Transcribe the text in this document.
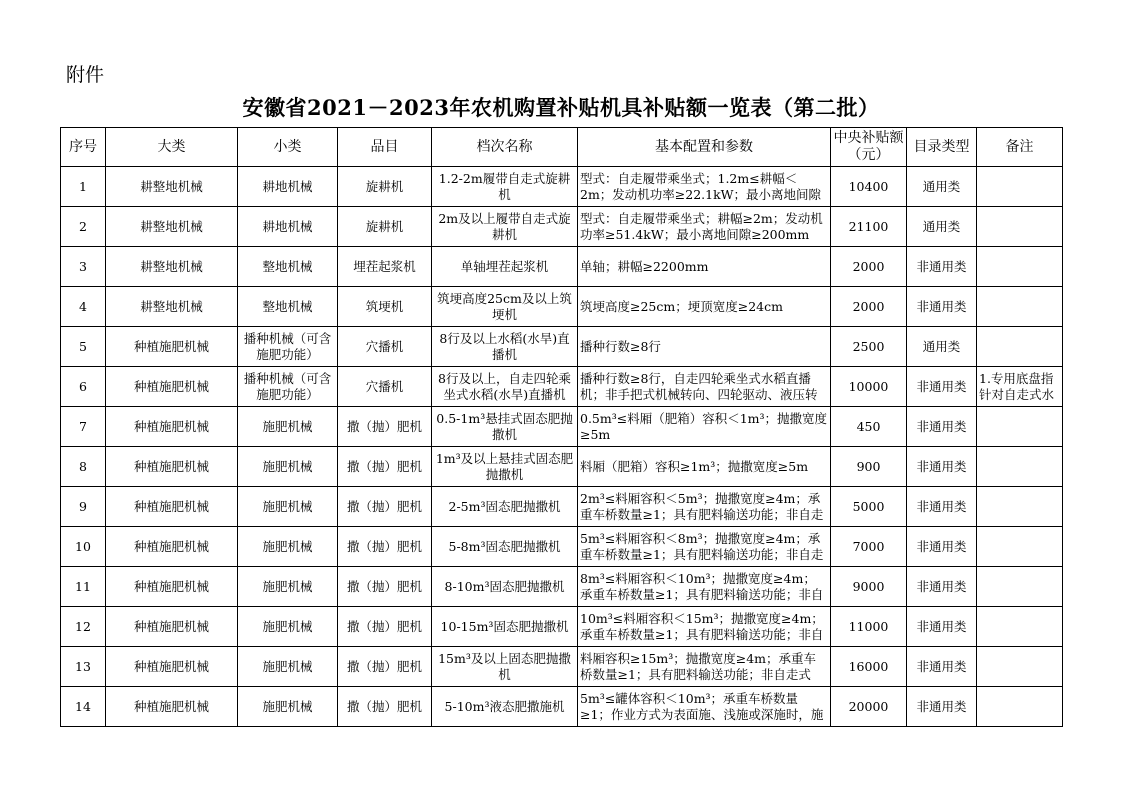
附件
安徽省2021－2023年农机购置补贴机具补贴额一览表（第二批）
序号	大类	小类	品目	档次名称	基本配置和参数	中央补贴额（元）	目录类型	备注

1	耕整地机械	耕地机械	旋耕机	1.2-2m履带自走式旋耕机	型式：自走履带乘坐式；1.2m≤耕幅＜2m；发动机功率≥22.1kW；最小离地间隙	10400	通用类	

2	耕整地机械	耕地机械	旋耕机	2m及以上履带自走式旋耕机	型式：自走履带乘坐式；耕幅≥2m；发动机功率≥51.4kW；最小离地间隙≥200mm	21100	通用类	

3	耕整地机械	整地机械	埋茬起浆机	单轴埋茬起浆机	单轴；耕幅≥2200mm	2000	非通用类	

4	耕整地机械	整地机械	筑埂机	筑埂高度25cm及以上筑埂机	筑埂高度≥25cm；埂顶宽度≥24cm	2000	非通用类	

5	种植施肥机械	播种机械（可含施肥功能）	穴播机	8行及以上水稻(水旱)直播机	播种行数≥8行	2500	通用类	

6	种植施肥机械	播种机械（可含施肥功能）	穴播机	8行及以上，自走四轮乘坐式水稻(水旱)直播机	播种行数≥8行，自走四轮乘坐式水稻直播机；非手把式机械转向、四轮驱动、液压转	10000	非通用类	1.专用底盘指针对自走式水

7	种植施肥机械	施肥机械	撒（抛）肥机	0.5-1m³悬挂式固态肥抛撒机	0.5m³≤料厢（肥箱）容积＜1m³；抛撒宽度≥5m	450	非通用类	

8	种植施肥机械	施肥机械	撒（抛）肥机	1m³及以上悬挂式固态肥抛撒机	料厢（肥箱）容积≥1m³；抛撒宽度≥5m	900	非通用类	

9	种植施肥机械	施肥机械	撒（抛）肥机	2-5m³固态肥抛撒机	2m³≤料厢容积＜5m³；抛撒宽度≥4m；承重车桥数量≥1；具有肥料输送功能；非自走	5000	非通用类	

10	种植施肥机械	施肥机械	撒（抛）肥机	5-8m³固态肥抛撒机	5m³≤料厢容积＜8m³；抛撒宽度≥4m；承重车桥数量≥1；具有肥料输送功能；非自走	7000	非通用类	

11	种植施肥机械	施肥机械	撒（抛）肥机	8-10m³固态肥抛撒机	8m³≤料厢容积＜10m³；抛撒宽度≥4m；承重车桥数量≥1；具有肥料输送功能；非自	9000	非通用类	

12	种植施肥机械	施肥机械	撒（抛）肥机	10-15m³固态肥抛撒机	10m³≤料厢容积＜15m³；抛撒宽度≥4m；承重车桥数量≥1；具有肥料输送功能；非自	11000	非通用类	

13	种植施肥机械	施肥机械	撒（抛）肥机	15m³及以上固态肥抛撒机	料厢容积≥15m³；抛撒宽度≥4m；承重车桥数量≥1；具有肥料输送功能；非自走式	16000	非通用类	

14	种植施肥机械	施肥机械	撒（抛）肥机	5-10m³液态肥撒施机	5m³≤罐体容积＜10m³；承重车桥数量≥1；作业方式为表面施、浅施或深施时，施	20000	非通用类	
